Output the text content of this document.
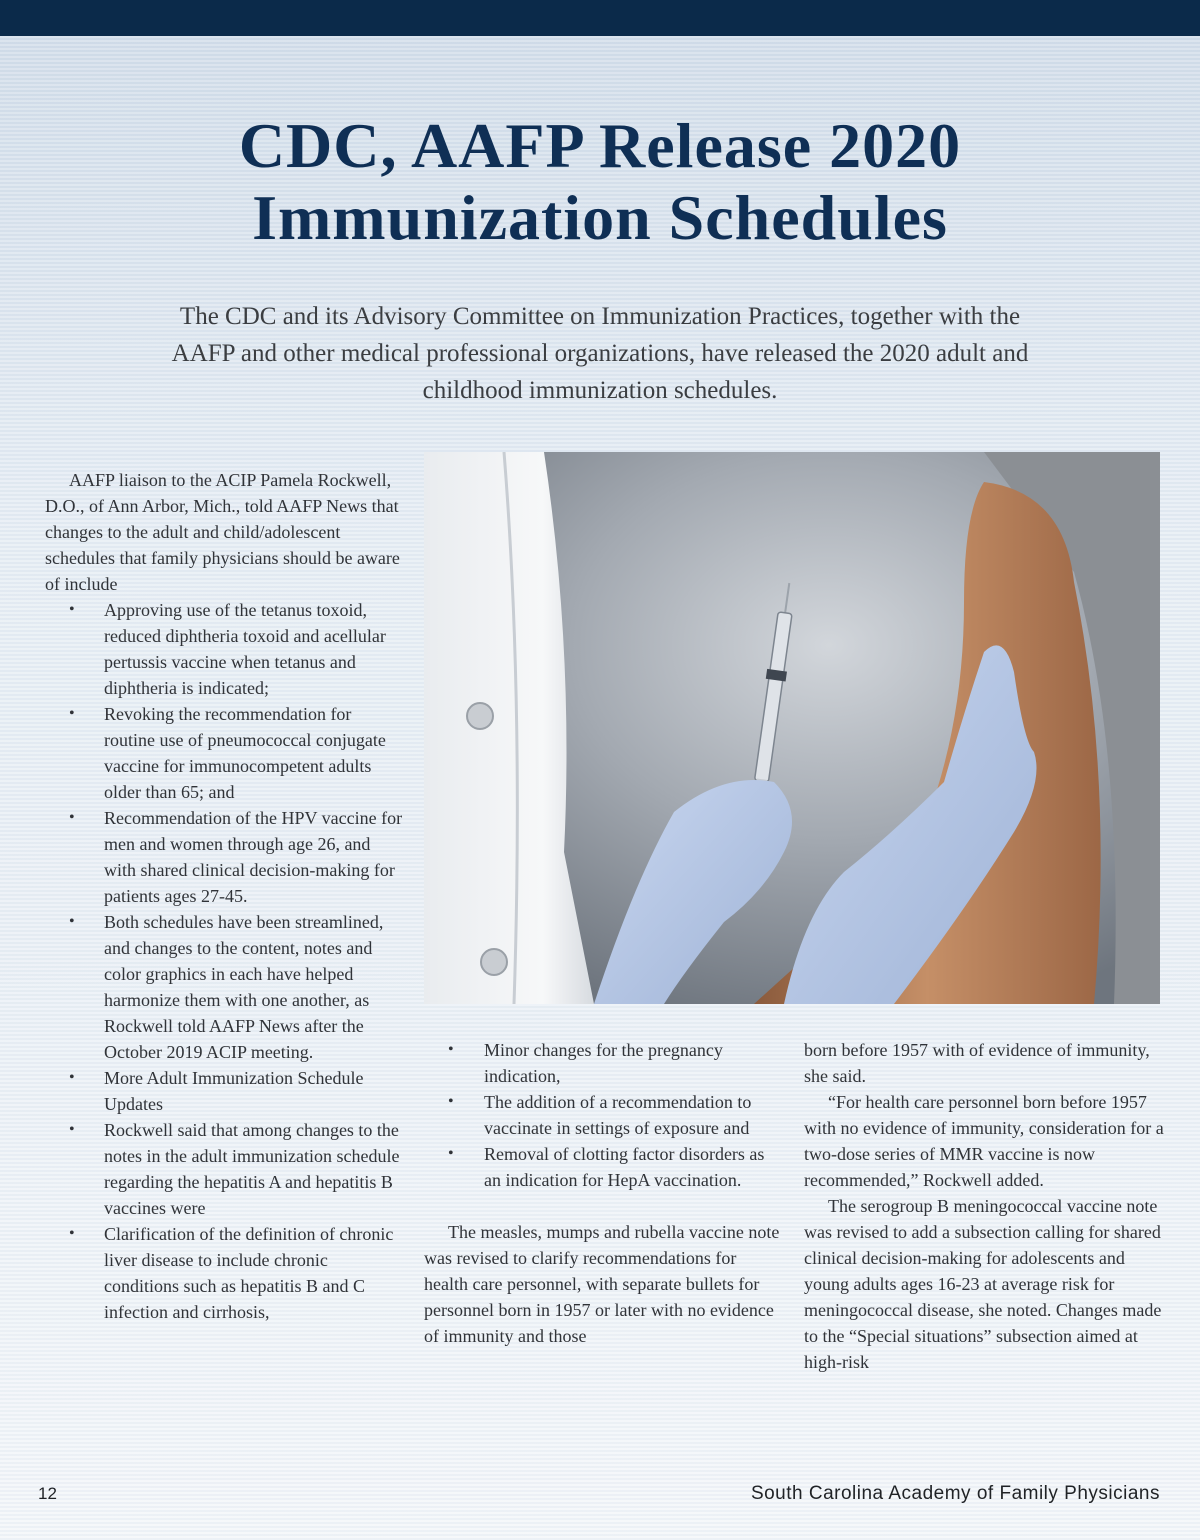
CDC, AAFP Release 2020
Immunization Schedules
The CDC and its Advisory Committee on Immunization Practices, together with the
AAFP and other medical professional organizations, have released the 2020 adult and
childhood immunization schedules.

AAFP liaison to the ACIP Pamela Rockwell, D.O., of Ann Arbor, Mich., told AAFP News that changes to the adult and child/adolescent schedules that family physicians should be aware of include

• Approving use of the tetanus toxoid, reduced diphtheria toxoid and acellular pertussis vaccine when tetanus and diphtheria is indicated;
• Revoking the recommendation for routine use of pneumococcal conjugate vaccine for immunocompetent adults older than 65; and
• Recommendation of the HPV vaccine for men and women through age 26, and with shared clinical decision-making for patients ages 27-45.
• Both schedules have been streamlined, and changes to the content, notes and color graphics in each have helped harmonize them with one another, as Rockwell told AAFP News after the October 2019 ACIP meeting.
• More Adult Immunization Schedule Updates
• Rockwell said that among changes to the notes in the adult immunization schedule regarding the hepatitis A and hepatitis B vaccines were
• Clarification of the definition of chronic liver disease to include chronic conditions such as hepatitis B and C infection and cirrhosis,
• Minor changes for the pregnancy indication,
• The addition of a recommendation to vaccinate in settings of exposure and
• Removal of clotting factor disorders as an indication for HepA vaccination.

The measles, mumps and rubella vaccine note was revised to clarify recommendations for health care personnel, with separate bullets for personnel born in 1957 or later with no evidence of immunity and those

born before 1957 with of evidence of immunity, she said.

“For health care personnel born before 1957 with no evidence of immunity, consideration for a two-dose series of MMR vaccine is now recommended,” Rockwell added.

The serogroup B meningococcal vaccine note was revised to add a subsection calling for shared clinical decision-making for adolescents and young adults ages 16-23 at average risk for meningococcal disease, she noted. Changes made to the “Special situations” subsection aimed at high-risk

12	South Carolina Academy of Family Physicians
